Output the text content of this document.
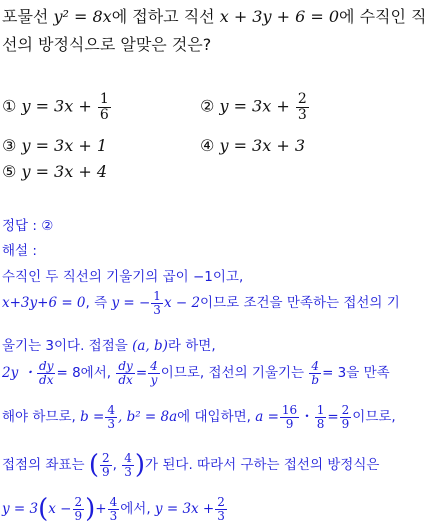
포물선 y² = 8x에 접하고 직선 x + 3y + 6 = 0에 수직인 직
선의 방정식으로 알맞은 것은?
① $y = 3x + \frac{1}{6}$	② $y = 3x + \frac{2}{3}$
③ y = 3x + 1	④ y = 3x + 3
⑤ y = 3x + 4
정답 : ②
해설 :
수직인 두 직선의 기울기의 곱이 −1이고,
x+3y+6 = 0, 즉 y = − $\frac{1}{3}$ x − 2이므로 조건을 만족하는 접선의 기
울기는 3이다. 접점을 (a, b)라 하면,
2y ・ $\frac{dy}{dx} = 8$에서, $\frac{dy}{dx} = \frac{4}{y}$ 이므로, 접선의 기울기는 $\frac{4}{b} = 3$을 만족
해야 하므로, $b = \frac{4}{3}$ , b² = 8a에 대입하면, $a = \frac{16}{9}$ ・ $\frac{1}{8} = \frac{2}{9}$ 이므로,
접점의 좌표는 ( $\frac{2}{9}$ , $\frac{4}{3}$ )가 된다. 따라서 구하는 접선의 방정식은
$y = 3(x - \frac{2}{9}$ )+ $\frac{4}{3}$ 에서, $y = 3x + \frac{2}{3}$
